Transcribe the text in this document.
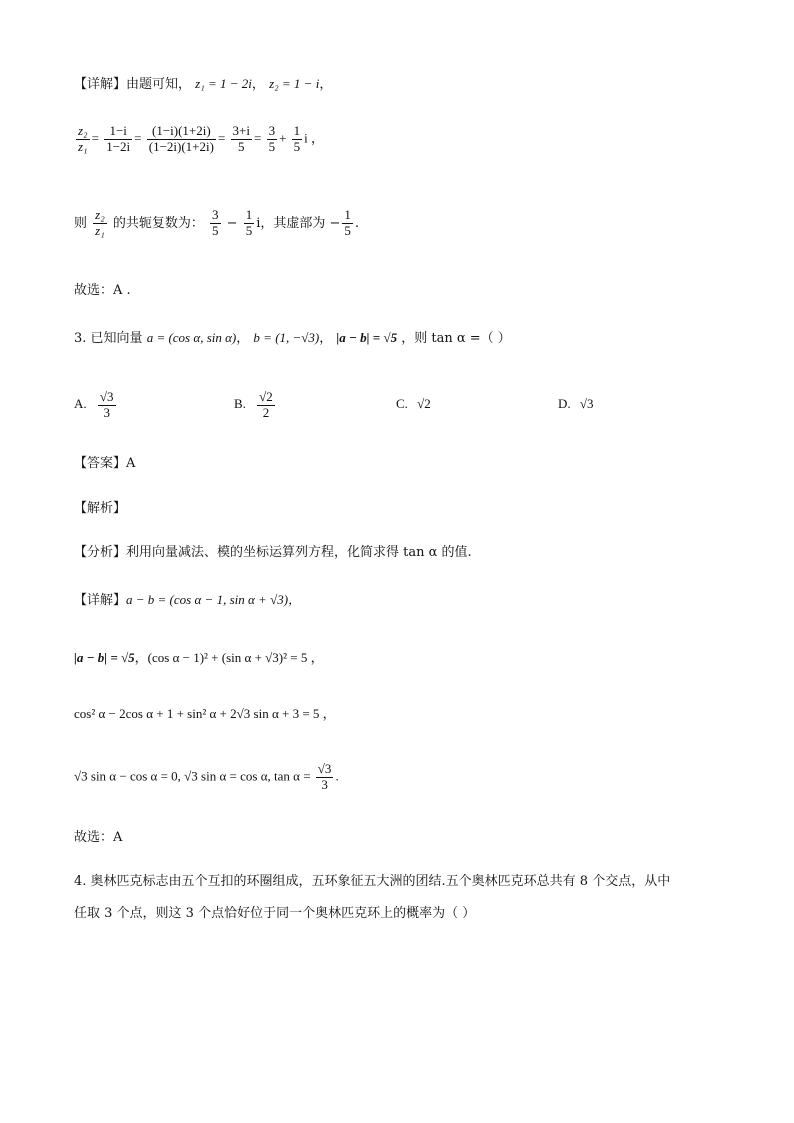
【详解】由题可知， z₁ = 1 − 2i， z₂ = 1 − i，
$\frac{\text{z₂}}{\text{z₁}} = \frac{1-i}{1-2i} = \frac{(1-i)(1+2i)}{(1-2i)(1+2i)} = \frac{3+i}{5} = \frac{3}{5} + \frac{1}{5}$ i ，
则 $\frac{\text{z₂}}{\text{z₁}}$ 的共轭复数为： $\frac{3}{5} - \frac{1}{5}$ i，其虚部为 − $\frac{1}{5}$ .
故选：A .
3. 已知向量 a = (cos α, sin α)， b = (1, −√3)， |a − b| = √5 ，则 tan α =（ ）
A. $\frac{√3}{3}$	B. $\frac{√2}{2}$	C. √2	D. √3
【答案】A
【解析】
【分析】利用向量减法、模的坐标运算列方程，化简求得 tan α 的值.
【详解】a − b = (cos α − 1, sin α + √3)，
|a − b| = √5，(cos α − 1)² + (sin α + √3)² = 5 ，
cos² α − 2cos α + 1 + sin² α + 2√3 sin α + 3 = 5 ，
√3 sin α − cos α = 0, √3 sin α = cos α, $\tan \alpha = \frac{√3}{3}$ .
故选：A
4. 奥林匹克标志由五个互扣的环圈组成，五环象征五大洲的团结.五个奥林匹克环总共有 8 个交点，从中
任取 3 个点，则这 3 个点恰好位于同一个奥林匹克环上的概率为（ ）
